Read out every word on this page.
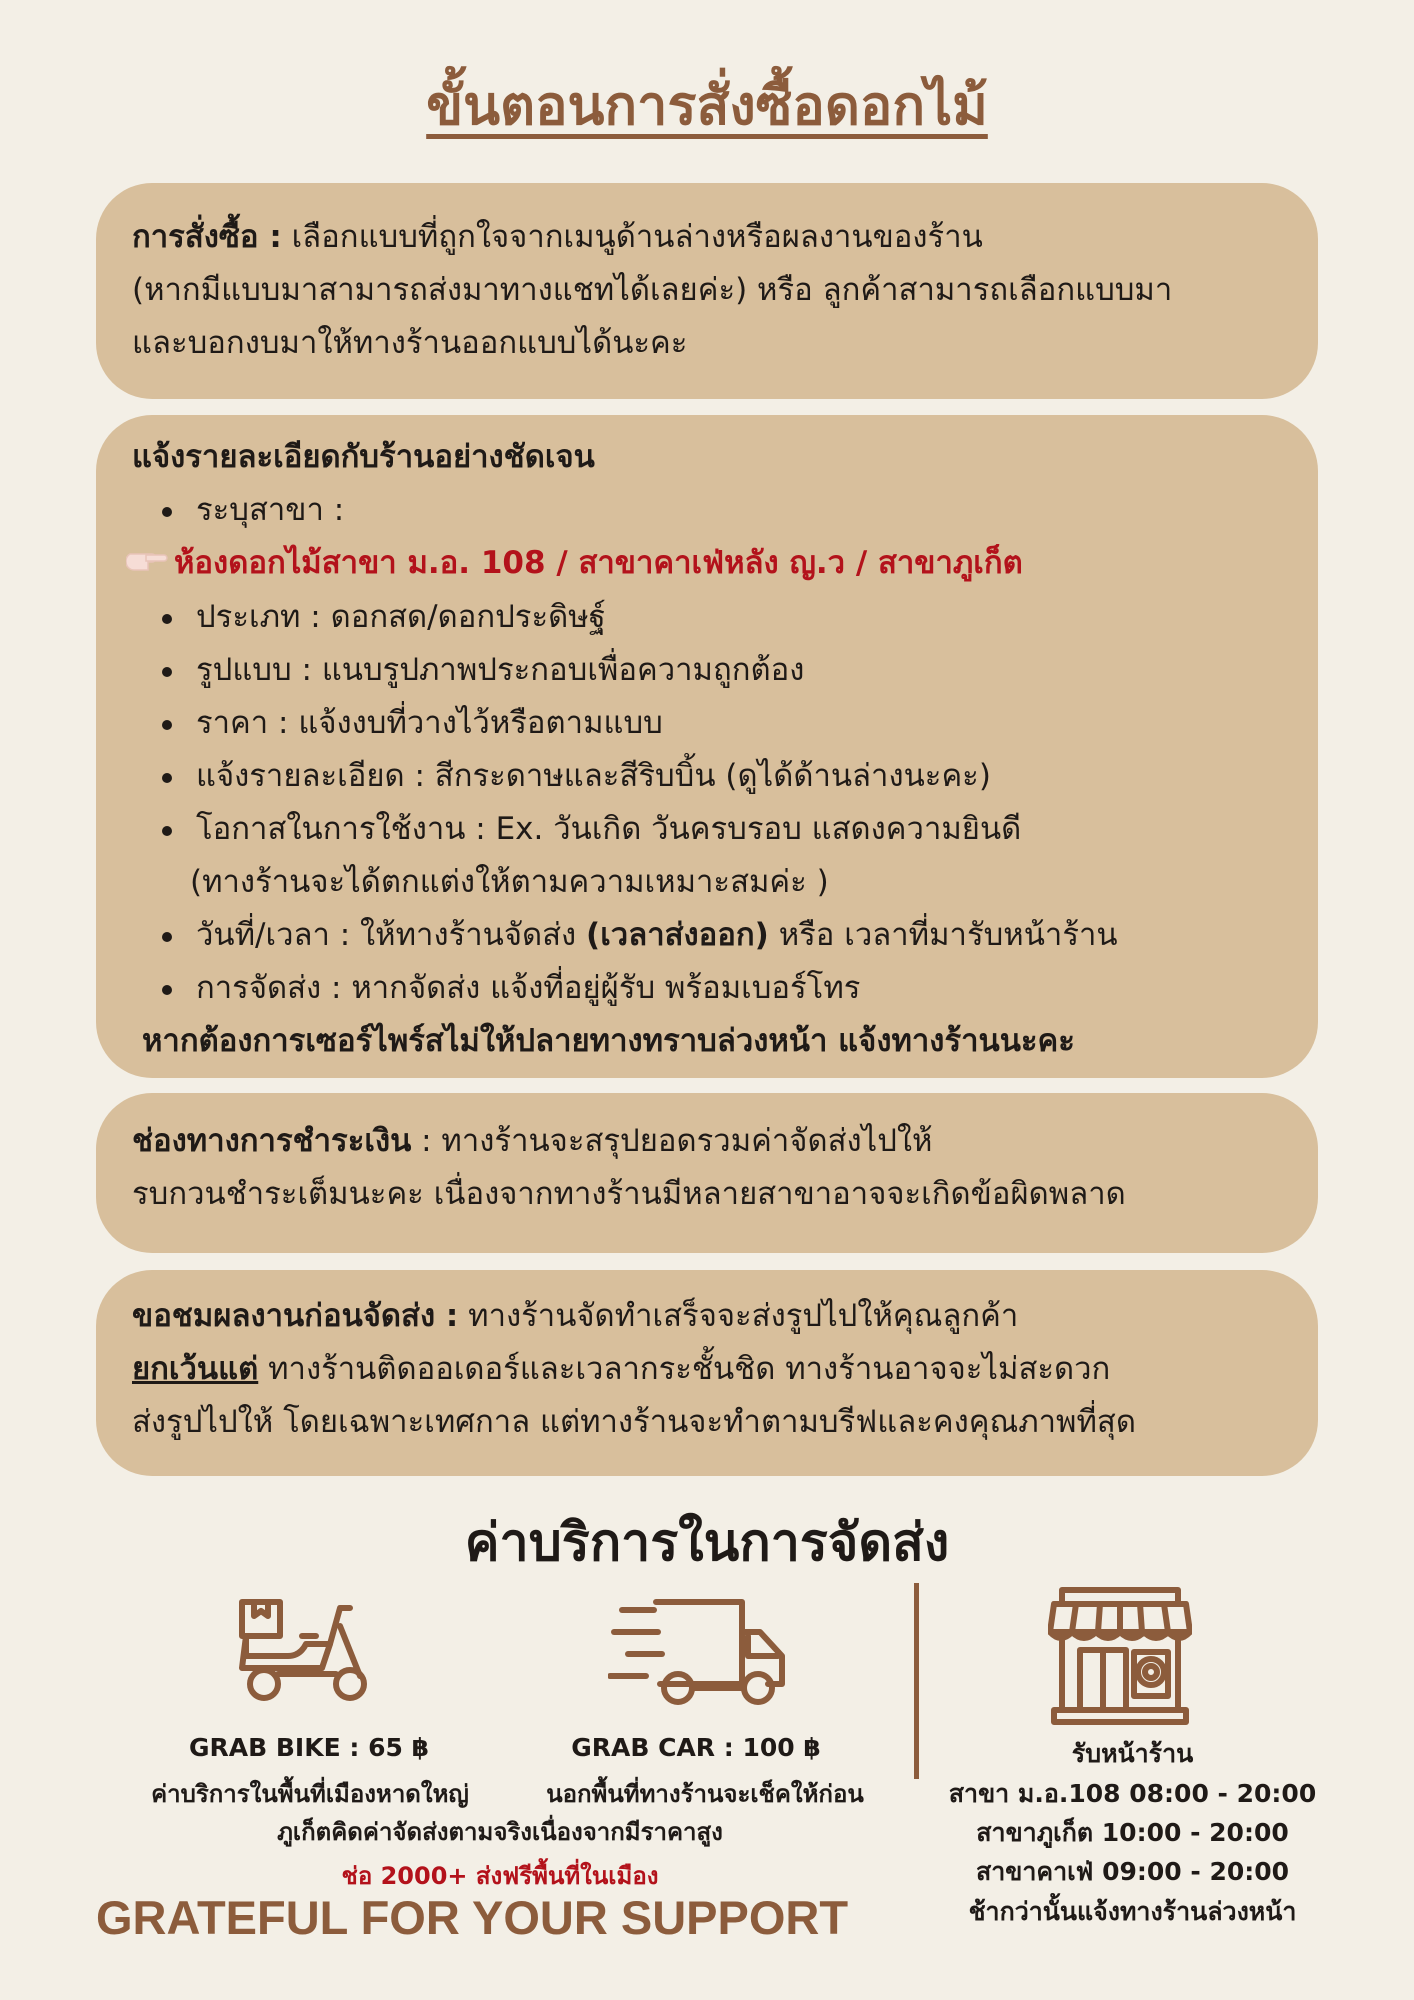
ขั้นตอนการสั่งซื้อดอกไม้
การสั่งซื้อ : เลือกแบบที่ถูกใจจากเมนูด้านล่างหรือผลงานของร้าน
(หากมีแบบมาสามารถส่งมาทางแชทได้เลยค่ะ) หรือ ลูกค้าสามารถเลือกแบบมา
และบอกงบมาให้ทางร้านออกแบบได้นะคะ
แจ้งรายละเอียดกับร้านอย่างชัดเจน
ระบุสาขา :
ห้องดอกไม้สาขา ม.อ. 108 / สาขาคาเฟ่หลัง ญ.ว / สาขาภูเก็ต
ประเภท : ดอกสด/ดอกประดิษฐ์
รูปแบบ : แนบรูปภาพประกอบเพื่อความถูกต้อง
ราคา : แจ้งงบที่วางไว้หรือตามแบบ
แจ้งรายละเอียด : สีกระดาษและสีริบบิ้น (ดูได้ด้านล่างนะคะ)
โอกาสในการใช้งาน : Ex. วันเกิด วันครบรอบ แสดงความยินดี
(ทางร้านจะได้ตกแต่งให้ตามความเหมาะสมค่ะ )
วันที่/เวลา : ให้ทางร้านจัดส่ง (เวลาส่งออก) หรือ เวลาที่มารับหน้าร้าน
การจัดส่ง : หากจัดส่ง แจ้งที่อยู่ผู้รับ พร้อมเบอร์โทร
หากต้องการเซอร์ไพร์สไม่ให้ปลายทางทราบล่วงหน้า แจ้งทางร้านนะคะ
ช่องทางการชำระเงิน : ทางร้านจะสรุปยอดรวมค่าจัดส่งไปให้
รบกวนชำระเต็มนะคะ เนื่องจากทางร้านมีหลายสาขาอาจจะเกิดข้อผิดพลาด
ขอชมผลงานก่อนจัดส่ง : ทางร้านจัดทำเสร็จจะส่งรูปไปให้คุณลูกค้า
ยกเว้นแต่ ทางร้านติดออเดอร์และเวลากระชั้นชิด ทางร้านอาจจะไม่สะดวก
ส่งรูปไปให้ โดยเฉพาะเทศกาล แต่ทางร้านจะทำตามบรีฟและคงคุณภาพที่สุด
ค่าบริการในการจัดส่ง
GRAB BIKE : 65 ฿
ค่าบริการในพื้นที่เมืองหาดใหญ่
GRAB CAR : 100 ฿
นอกพื้นที่ทางร้านจะเช็คให้ก่อน
ภูเก็ตคิดค่าจัดส่งตามจริงเนื่องจากมีราคาสูง
ช่อ 2000+ ส่งฟรีพื้นที่ในเมือง
รับหน้าร้าน
สาขา ม.อ.108 08:00 - 20:00
สาขาภูเก็ต 10:00 - 20:00
สาขาคาเฟ่ 09:00 - 20:00
ช้ากว่านั้นแจ้งทางร้านล่วงหน้า
GRATEFUL FOR YOUR SUPPORT
